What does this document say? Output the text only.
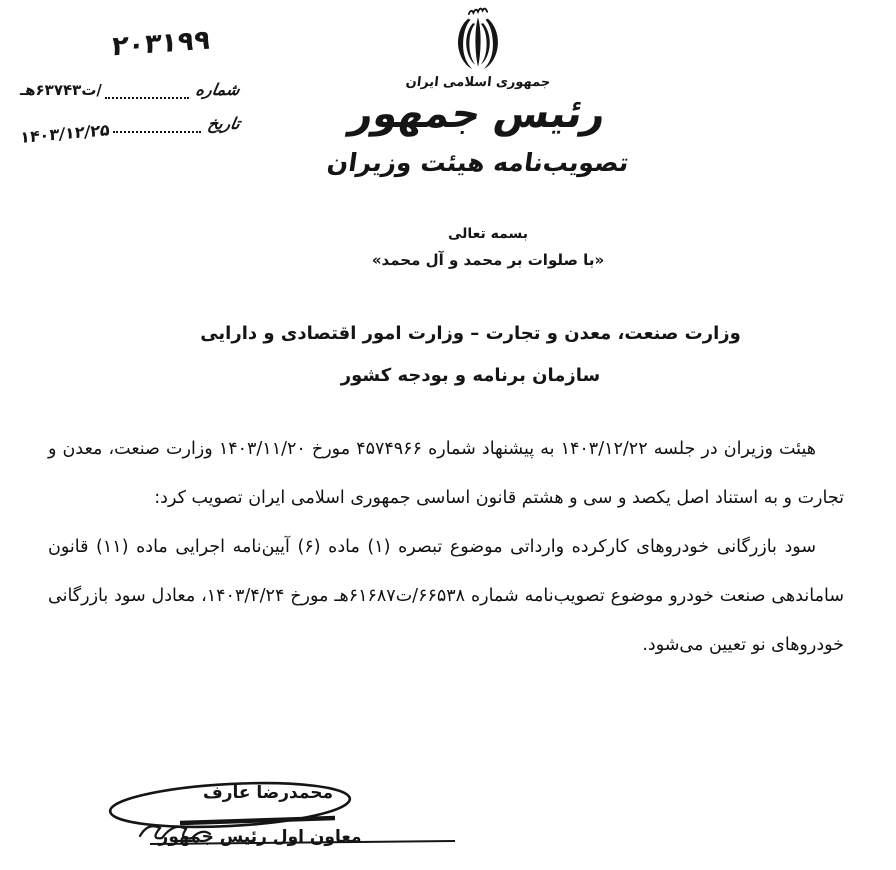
۲۰۳۱۹۹
شماره
/ت۶۳۷۴۳هـ
تاریخ
۱۴۰۳/۱۲/۲۵
جمهوری اسلامی ایران
رئیس جمهور
تصویب‌نامه هیئت وزیران
بسمه تعالی
«با صلوات بر محمد و آل محمد»
وزارت صنعت، معدن و تجارت – وزارت امور اقتصادی و دارایی
سازمان برنامه و بودجه کشور

هیئت وزیران در جلسه ۱۴۰۳/۱۲/۲۲ به پیشنهاد شماره ۴۵۷۴۹۶۶ مورخ ۱۴۰۳/۱۱/۲۰ وزارت صنعت، معدن و تجارت و به استناد اصل یکصد و سی و هشتم قانون اساسی جمهوری اسلامی ایران تصویب کرد:

سود بازرگانی خودروهای کارکرده وارداتی موضوع تبصره (۱) ماده (۶) آیین‌نامه اجرایی ماده (۱۱) قانون ساماندهی صنعت خودرو موضوع تصویب‌نامه شماره ۶۶۵۳۸/ت۶۱۶۸۷هـ مورخ ۱۴۰۳/۴/۲۴، معادل سود بازرگانی خودروهای نو تعیین می‌شود.

محمدرضا عارف
معاون اول رئیس جمهور
